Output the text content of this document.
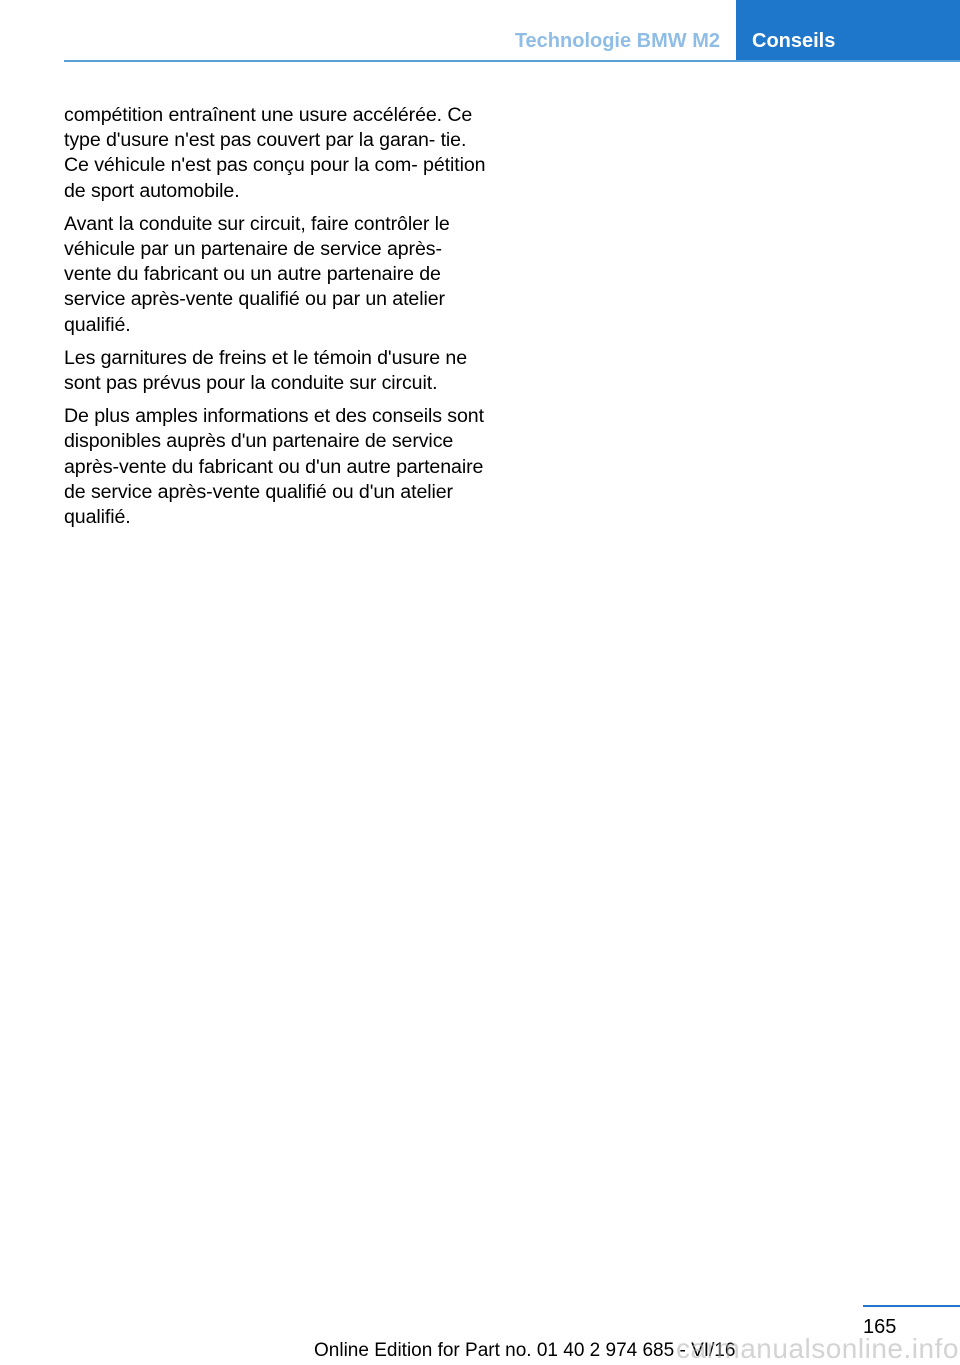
Technologie BMW M2	Conseils

compétition entraînent une usure accélérée. Ce type d'usure n'est pas couvert par la garan‐ tie. Ce véhicule n'est pas conçu pour la com‐ pétition de sport automobile.

Avant la conduite sur circuit, faire contrôler le véhicule par un partenaire de service après- vente du fabricant ou un autre partenaire de service après-vente qualifié ou par un atelier qualifié.

Les garnitures de freins et le témoin d'usure ne sont pas prévus pour la conduite sur circuit.

De plus amples informations et des conseils sont disponibles auprès d'un partenaire de service après-vente du fabricant ou d'un autre partenaire de service après-vente qualifié ou d'un atelier qualifié.

165
Online Edition for Part no. 01 40 2 974 685 - VI/16
carmanualsonline.info
